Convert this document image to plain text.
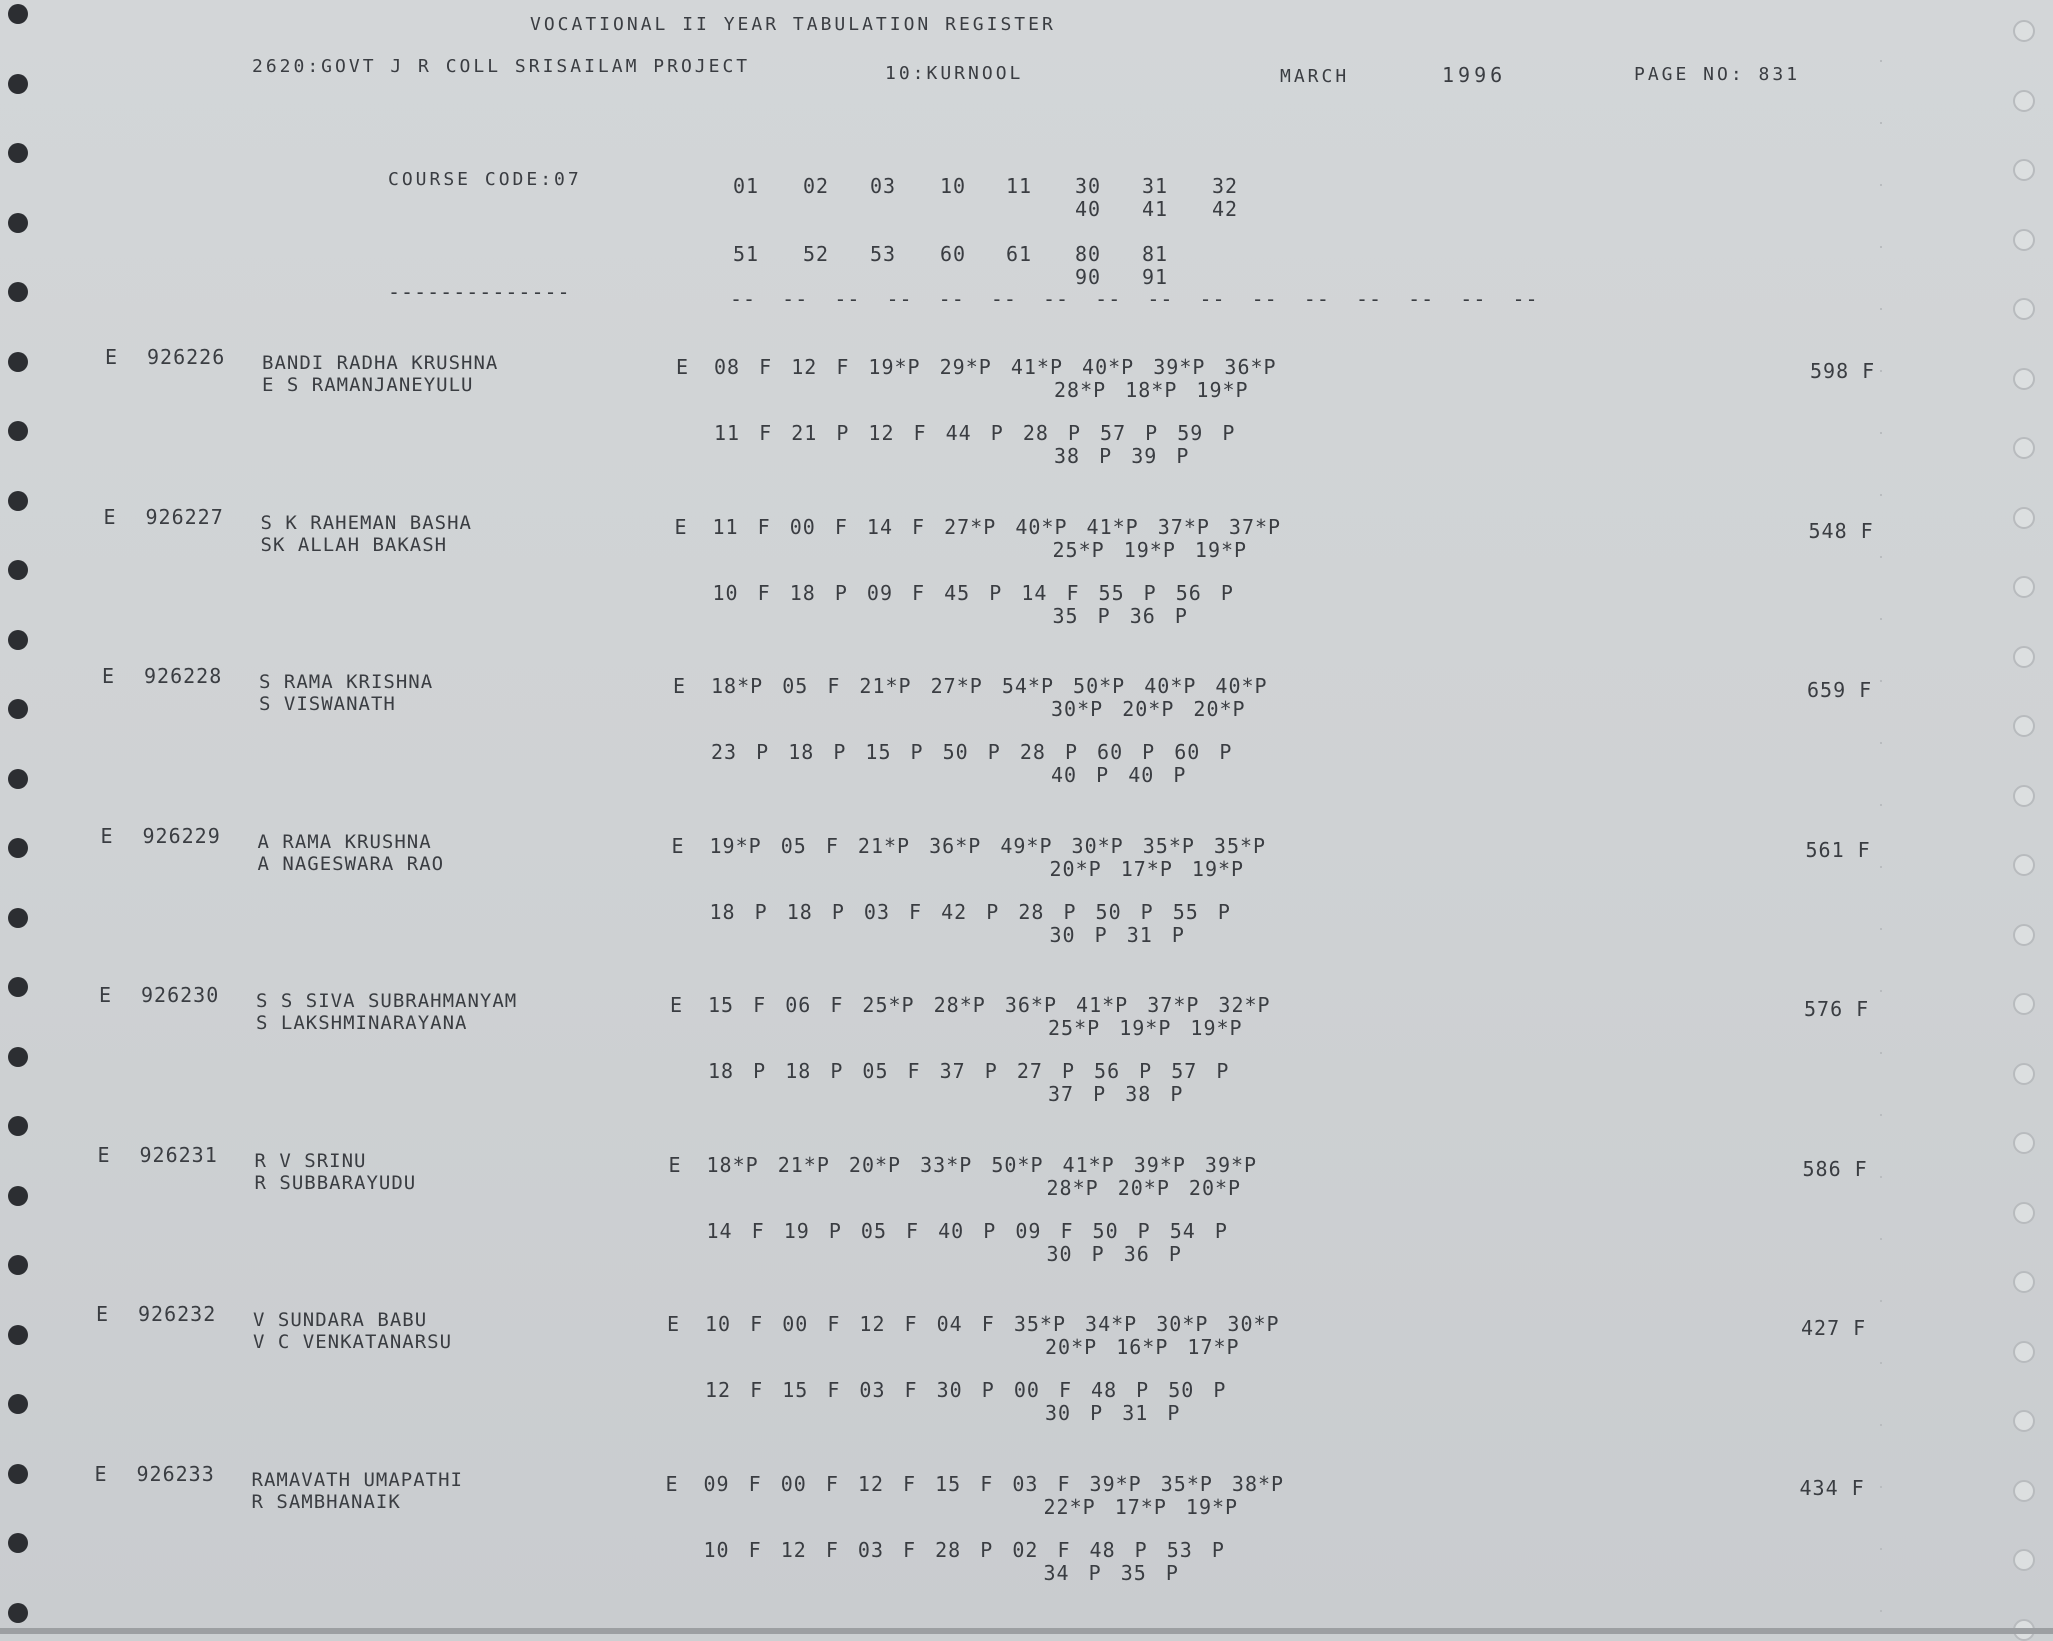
VOCATIONAL II YEAR TABULATION REGISTER
2620:GOVT J R COLL SRISAILAM PROJECT	10:KURNOOL	MARCH	1996	PAGE NO: 831
COURSE CODE:07
--------------
01 02 03 10 11 30 31 32
40 41 42
51 52 53 60 61 80 81
90 91
--  --  --  --  --  --  --  --  --  --  --  --  --  --  --  --
E 926226 BANDI RADHA KRUSHNA
E S RAMANJANEYULU
E 08 F 12 F 19*P 29*P 41*P 40*P 39*P 36*P
28*P 18*P 19*P
11 F 21 P 12 F 44 P 28 P 57 P 59 P
38 P 39 P
598 F
E 926227 S K RAHEMAN BASHA
SK ALLAH BAKASH
E 11 F 00 F 14 F 27*P 40*P 41*P 37*P 37*P
25*P 19*P 19*P
10 F 18 P 09 F 45 P 14 F 55 P 56 P
35 P 36 P
548 F
E 926228 S RAMA KRISHNA
S VISWANATH
E 18*P 05 F 21*P 27*P 54*P 50*P 40*P 40*P
30*P 20*P 20*P
23 P 18 P 15 P 50 P 28 P 60 P 60 P
40 P 40 P
659 F
E 926229 A RAMA KRUSHNA
A NAGESWARA RAO
E 19*P 05 F 21*P 36*P 49*P 30*P 35*P 35*P
20*P 17*P 19*P
18 P 18 P 03 F 42 P 28 P 50 P 55 P
30 P 31 P
561 F
E 926230 S S SIVA SUBRAHMANYAM
S LAKSHMINARAYANA
E 15 F 06 F 25*P 28*P 36*P 41*P 37*P 32*P
25*P 19*P 19*P
18 P 18 P 05 F 37 P 27 P 56 P 57 P
37 P 38 P
576 F
E 926231 R V SRINU
R SUBBARAYUDU
E 18*P 21*P 20*P 33*P 50*P 41*P 39*P 39*P
28*P 20*P 20*P
14 F 19 P 05 F 40 P 09 F 50 P 54 P
30 P 36 P
586 F
E 926232 V SUNDARA BABU
V C VENKATANARSU
E 10 F 00 F 12 F 04 F 35*P 34*P 30*P 30*P
20*P 16*P 17*P
12 F 15 F 03 F 30 P 00 F 48 P 50 P
30 P 31 P
427 F
E 926233 RAMAVATH UMAPATHI
R SAMBHANAIK
E 09 F 00 F 12 F 15 F 03 F 39*P 35*P 38*P
22*P 17*P 19*P
10 F 12 F 03 F 28 P 02 F 48 P 53 P
34 P 35 P
434 F
